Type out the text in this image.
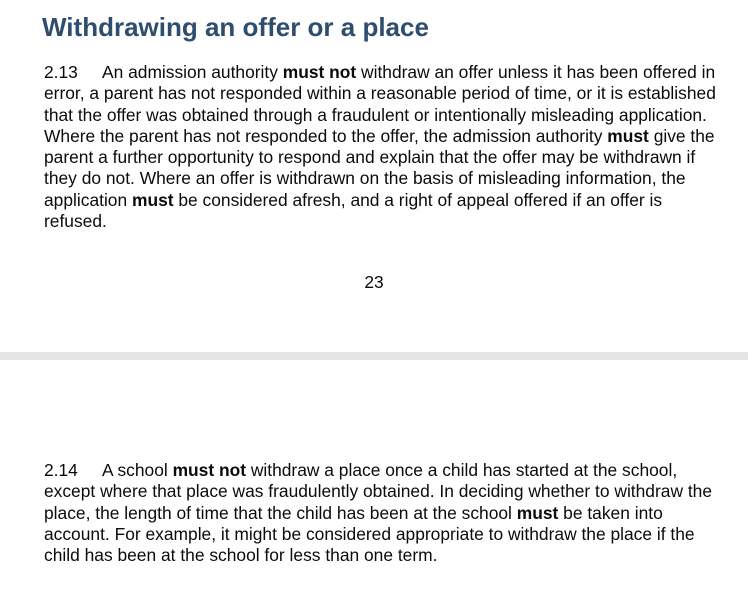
Withdrawing an offer or a place

2.13 An admission authority must not withdraw an offer unless it has been offered in error, a parent has not responded within a reasonable period of time, or it is established that the offer was obtained through a fraudulent or intentionally misleading application. Where the parent has not responded to the offer, the admission authority must give the parent a further opportunity to respond and explain that the offer may be withdrawn if they do not. Where an offer is withdrawn on the basis of misleading information, the application must be considered afresh, and a right of appeal offered if an offer is refused.

23

2.14 A school must not withdraw a place once a child has started at the school, except where that place was fraudulently obtained. In deciding whether to withdraw the place, the length of time that the child has been at the school must be taken into account. For example, it might be considered appropriate to withdraw the place if the child has been at the school for less than one term.
